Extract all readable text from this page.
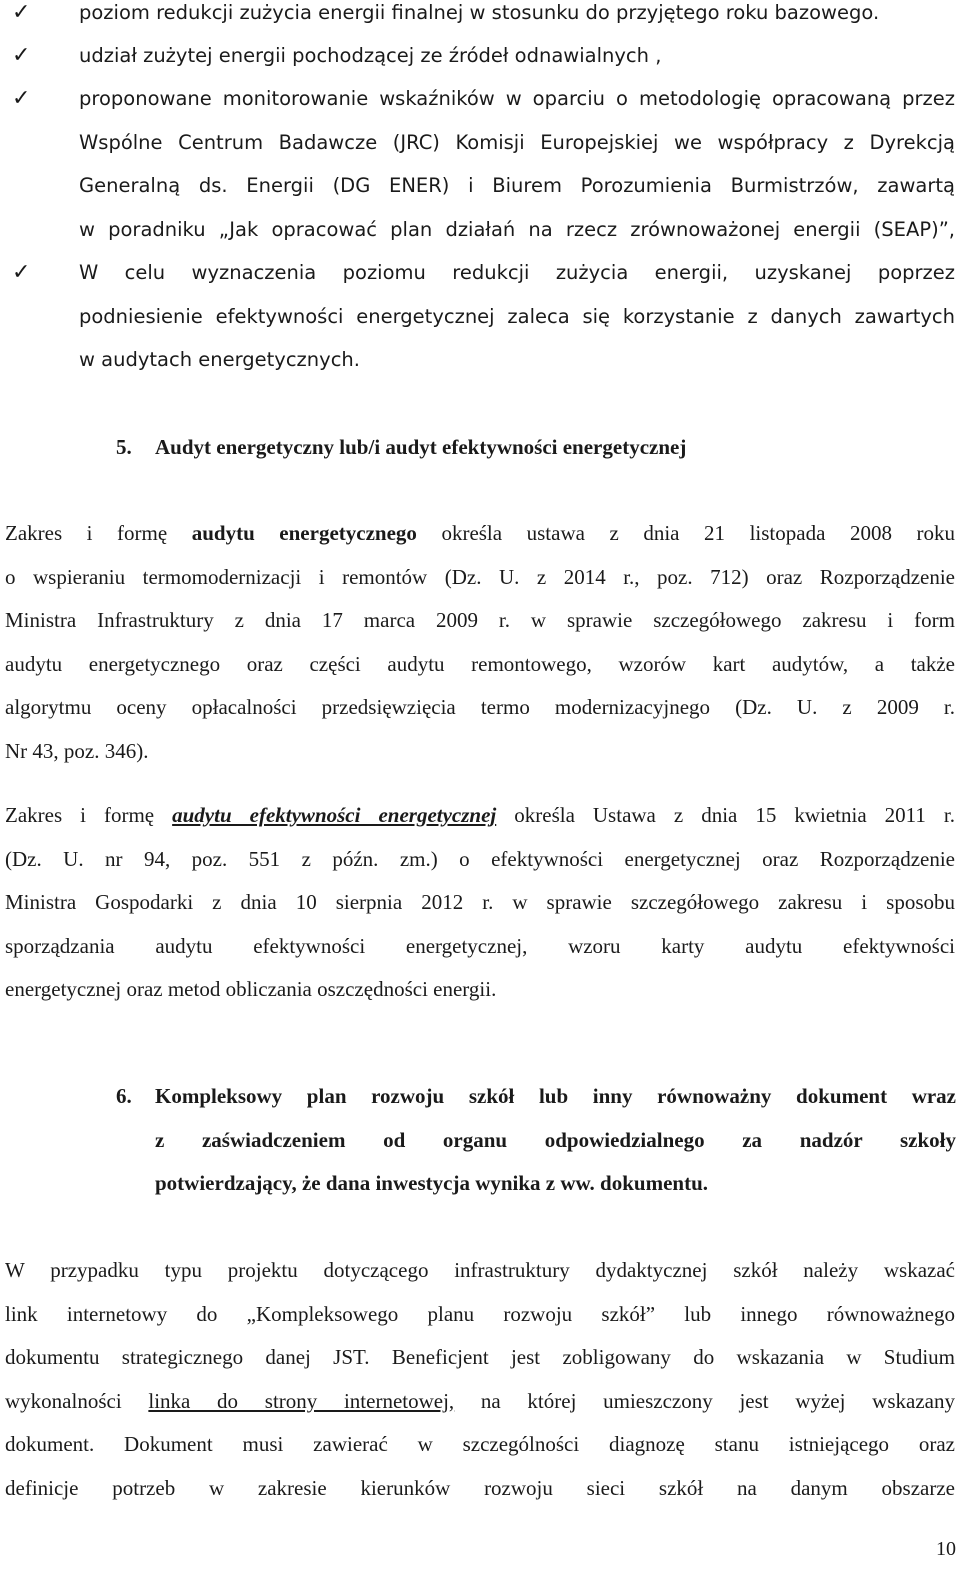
✓	poziom redukcji zużycia energii finalnej w stosunku do przyjętego roku bazowego.
✓	udział zużytej energii pochodzącej ze źródeł odnawialnych ,
✓	proponowane monitorowanie wskaźników w oparciu o metodologię opracowaną przez
Wspólne Centrum Badawcze (JRC) Komisji Europejskiej we współpracy z Dyrekcją
Generalną ds. Energii (DG ENER) i Biurem Porozumienia Burmistrzów, zawartą
w poradniku „Jak opracować plan działań na rzecz zrównoważonej energii (SEAP)”,
✓	W celu wyznaczenia poziomu redukcji zużycia energii, uzyskanej poprzez
podniesienie efektywności energetycznej zaleca się korzystanie z danych zawartych
w audytach energetycznych.
5. Audyt energetyczny lub/i audyt efektywności energetycznej
Zakres i formę audytu energetycznego określa ustawa z dnia 21 listopada 2008 roku
o wspieraniu termomodernizacji i remontów (Dz. U. z 2014 r., poz. 712) oraz Rozporządzenie
Ministra Infrastruktury z dnia 17 marca 2009 r. w sprawie szczegółowego zakresu i form
audytu energetycznego oraz części audytu remontowego, wzorów kart audytów, a także
algorytmu oceny opłacalności przedsięwzięcia termo modernizacyjnego (Dz. U. z 2009 r.
Nr 43, poz. 346).
Zakres i formę audytu efektywności energetycznej określa Ustawa z dnia 15 kwietnia 2011 r.
(Dz. U. nr 94, poz. 551 z późn. zm.) o efektywności energetycznej oraz Rozporządzenie
Ministra Gospodarki z dnia 10 sierpnia 2012 r. w sprawie szczegółowego zakresu i sposobu
sporządzania audytu efektywności energetycznej, wzoru karty audytu efektywności
energetycznej oraz metod obliczania oszczędności energii.
6. Kompleksowy plan rozwoju szkół lub inny równoważny dokument wraz
z zaświadczeniem od organu odpowiedzialnego za nadzór szkoły
potwierdzający, że dana inwestycja wynika z ww. dokumentu.
W przypadku typu projektu dotyczącego infrastruktury dydaktycznej szkół należy wskazać
link internetowy do „Kompleksowego planu rozwoju szkół” lub innego równoważnego
dokumentu strategicznego danej JST. Beneficjent jest zobligowany do wskazania w Studium
wykonalności linka do strony internetowej, na której umieszczony jest wyżej wskazany
dokument. Dokument musi zawierać w szczególności diagnozę stanu istniejącego oraz
definicje potrzeb w zakresie kierunków rozwoju sieci szkół na danym obszarze
10
